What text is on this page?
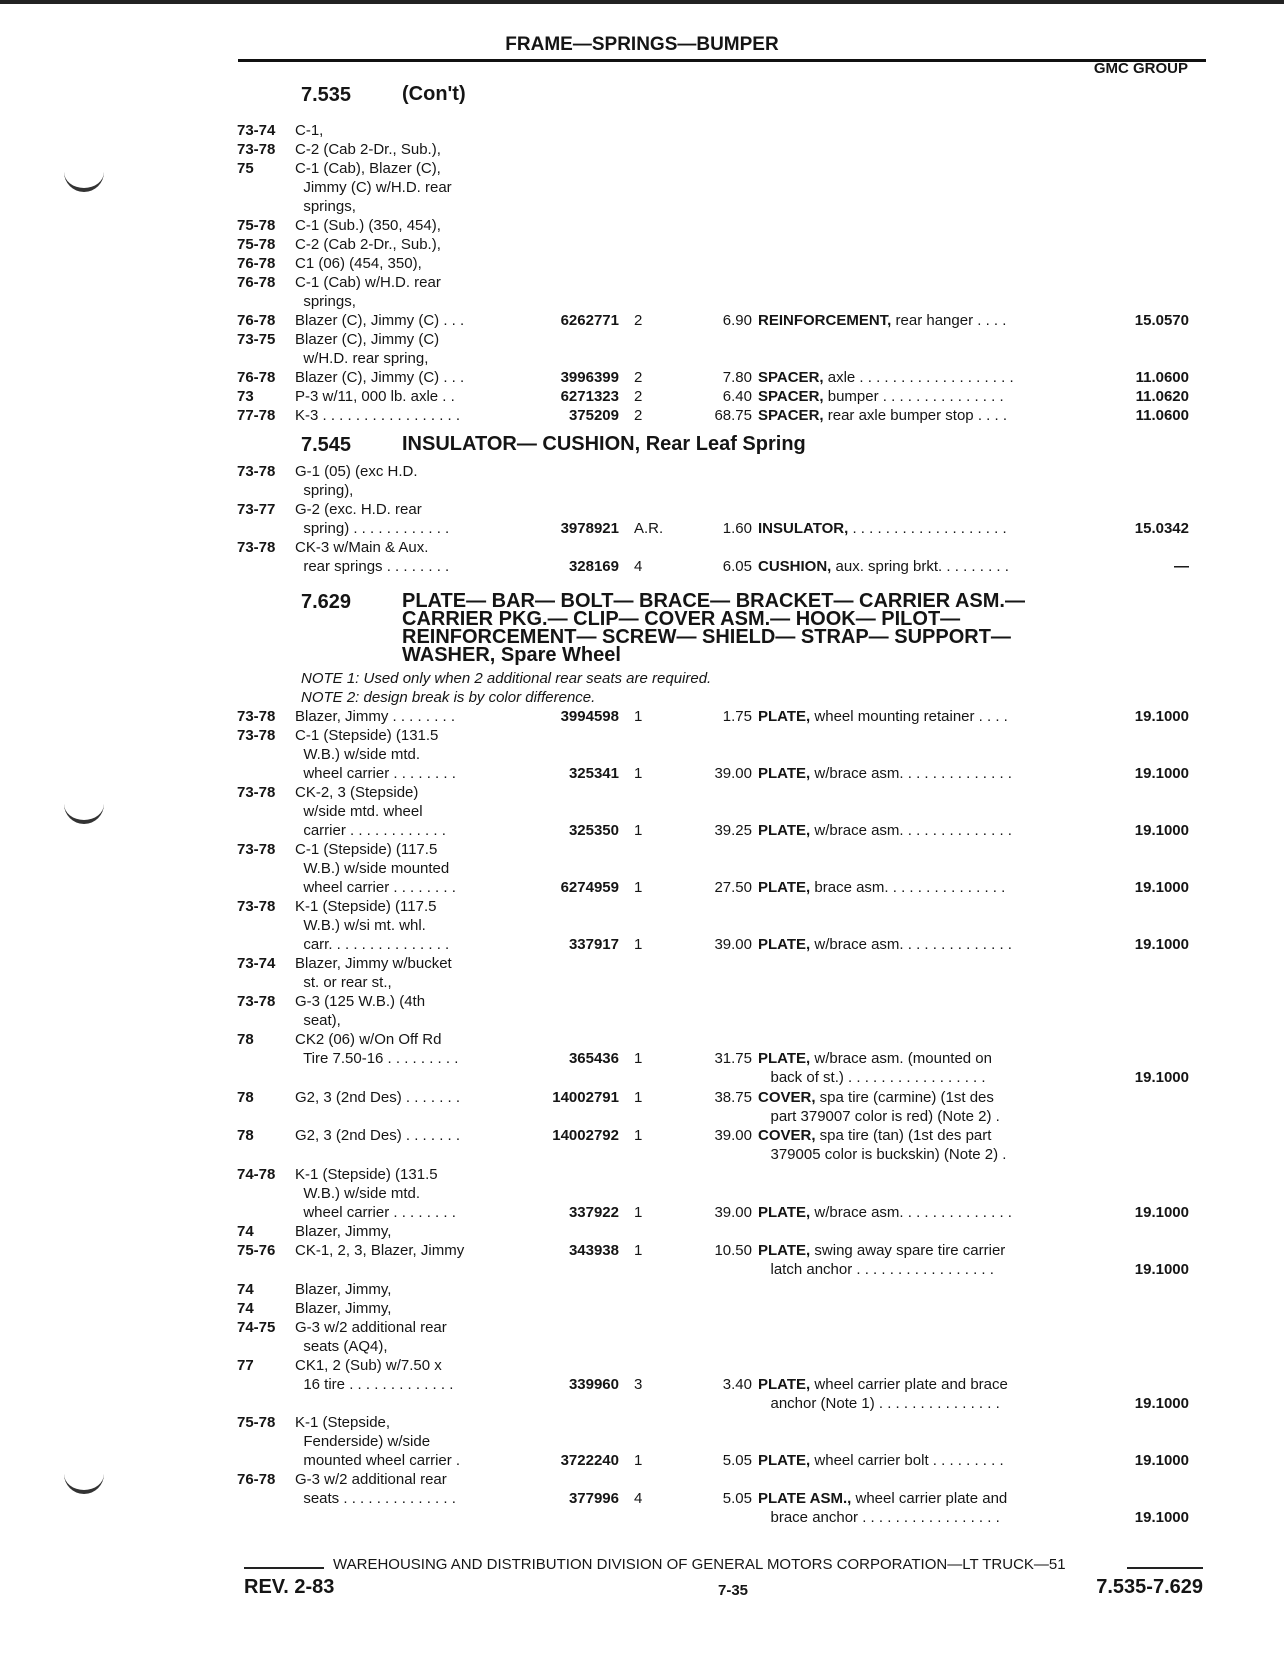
FRAME—SPRINGS—BUMPER
GMC GROUP
7.535	(Con't)
7.545	INSULATOR— CUSHION, Rear Leaf Spring
7.629	PLATE— BAR— BOLT— BRACE— BRACKET— CARRIER ASM.—
CARRIER PKG.— CLIP— COVER ASM.— HOOK— PILOT—
REINFORCEMENT— SCREW— SHIELD— STRAP— SUPPORT—
WASHER, Spare Wheel
NOTE 1: Used only when 2 additional rear seats are required.
NOTE 2: design break is by color difference.
73-74 C-1,
73-78 C-2 (Cab 2-Dr., Sub.),
75	C-1 (Cab), Blazer (C),
Jimmy (C) w/H.D. rear
springs,
75-78 C-1 (Sub.) (350, 454),
75-78 C-2 (Cab 2-Dr., Sub.),
76-78 C1 (06) (454, 350),
76-78 C-1 (Cab) w/H.D. rear
springs,
76-78 Blazer (C), Jimmy (C) . . .	6262771 2	6.90 REINFORCEMENT, rear hanger . . . .	15.0570
73-75 Blazer (C), Jimmy (C)
w/H.D. rear spring,
76-78 Blazer (C), Jimmy (C) . . .	3996399 2	7.80 SPACER, axle . . . . . . . . . . . . . . . . . . .	11.0600
73	P-3 w/11, 000 lb. axle . .	6271323 2	6.40 SPACER, bumper . . . . . . . . . . . . . . .	11.0620
77-78 K-3 . . . . . . . . . . . . . . . . .	375209 2	68.75 SPACER, rear axle bumper stop . . . .	11.0600
73-78 G-1 (05) (exc H.D.
spring),
73-77 G-2 (exc. H.D. rear
spring) . . . . . . . . . . . .	3978921 A.R.	1.60 INSULATOR, . . . . . . . . . . . . . . . . . . .	15.0342
73-78 CK-3 w/Main & Aux.
rear springs . . . . . . . .	328169 4	6.05 CUSHION, aux. spring brkt. . . . . . . . .	—
73-78 Blazer, Jimmy . . . . . . . .	3994598 1	1.75 PLATE, wheel mounting retainer . . . .	19.1000
73-78 C-1 (Stepside) (131.5
W.B.) w/side mtd.
wheel carrier . . . . . . . .	325341 1	39.00 PLATE, w/brace asm. . . . . . . . . . . . . .	19.1000
73-78 CK-2, 3 (Stepside)
w/side mtd. wheel
carrier . . . . . . . . . . . .	325350 1	39.25 PLATE, w/brace asm. . . . . . . . . . . . . .	19.1000
73-78 C-1 (Stepside) (117.5
W.B.) w/side mounted
wheel carrier . . . . . . . .	6274959 1	27.50 PLATE, brace asm. . . . . . . . . . . . . . .	19.1000
73-78 K-1 (Stepside) (117.5
W.B.) w/si mt. whl.
carr. . . . . . . . . . . . . . .	337917 1	39.00 PLATE, w/brace asm. . . . . . . . . . . . . .	19.1000
73-74 Blazer, Jimmy w/bucket
st. or rear st.,
73-78 G-3 (125 W.B.) (4th
seat),
78	CK2 (06) w/On Off Rd
Tire 7.50-16 . . . . . . . . .	365436 1	31.75 PLATE, w/brace asm. (mounted on
back of st.) . . . . . . . . . . . . . . . . .	19.1000
78	G2, 3 (2nd Des) . . . . . . .	14002791 1	38.75 COVER, spa tire (carmine) (1st des
part 379007 color is red) (Note 2) .
78	G2, 3 (2nd Des) . . . . . . .	14002792 1	39.00 COVER, spa tire (tan) (1st des part
379005 color is buckskin) (Note 2) .
74-78 K-1 (Stepside) (131.5
W.B.) w/side mtd.
wheel carrier . . . . . . . .	337922 1	39.00 PLATE, w/brace asm. . . . . . . . . . . . . .	19.1000
74	Blazer, Jimmy,
75-76 CK-1, 2, 3, Blazer, Jimmy	343938 1	10.50 PLATE, swing away spare tire carrier
latch anchor . . . . . . . . . . . . . . . . .	19.1000
74	Blazer, Jimmy,
74	Blazer, Jimmy,
74-75 G-3 w/2 additional rear
seats (AQ4),
77	CK1, 2 (Sub) w/7.50 x
16 tire . . . . . . . . . . . . .	339960 3	3.40 PLATE, wheel carrier plate and brace
anchor (Note 1) . . . . . . . . . . . . . . .	19.1000
75-78 K-1 (Stepside,
Fenderside) w/side
mounted wheel carrier .	3722240 1	5.05 PLATE, wheel carrier bolt . . . . . . . . .	19.1000
76-78 G-3 w/2 additional rear
seats . . . . . . . . . . . . . .	377996 4	5.05 PLATE ASM., wheel carrier plate and
brace anchor . . . . . . . . . . . . . . . . .	19.1000
WAREHOUSING AND DISTRIBUTION DIVISION OF GENERAL MOTORS CORPORATION—LT TRUCK—51
REV. 2-83	7-35	7.535-7.629
